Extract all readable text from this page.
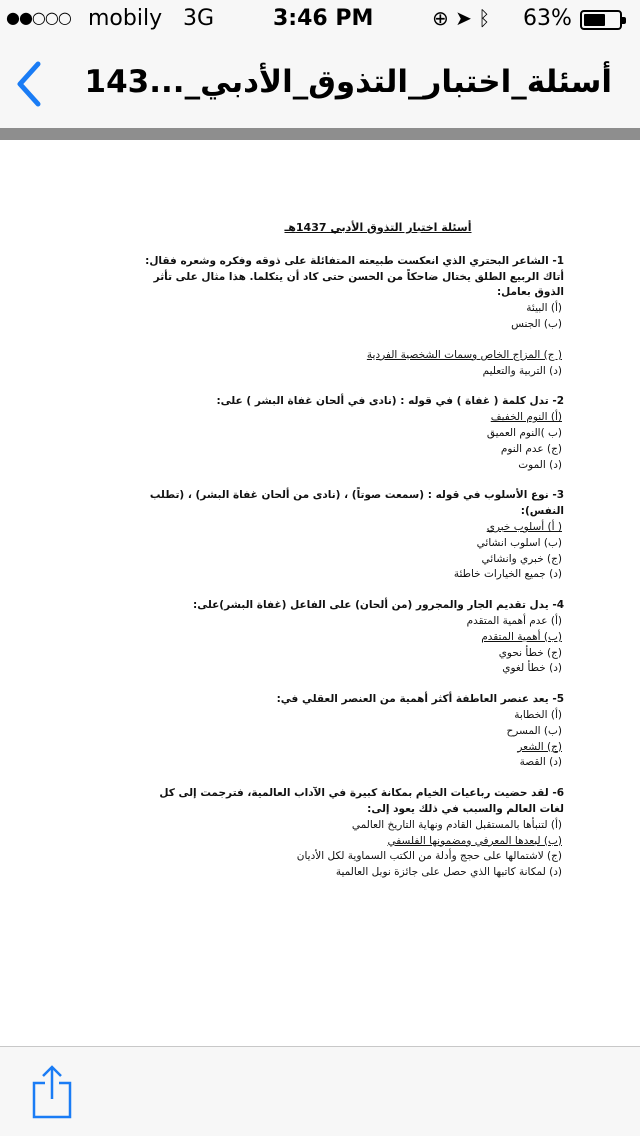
●●○○○ mobily 3G	3:46 PM	⊕ ➤ ᛒ 63%
أسئلة_اختبار_التذوق_الأدبي_...143
أسئلة اختبار التذوق الأدبي 1437هـ
1- الشاعر البحتري الذي انعكست طبيعته المتفائلة على ذوقه وفكره وشعره فقال: أتاك الربيع الطلق يختال ضاحكاً من الحسن حتى كاد أن يتكلما. هذا مثال على تأثر الذوق بعامل:
(أ) البيئة
(ب) الجنس
( ج) المزاج الخاص وسمات الشخصية الفردية
(د) التربية والتعليم
2- تدل كلمة ( غفاة ) في قوله : (نادى في ألحان غفاة البشر ) على:
(أ) النوم الخفيف
(ب )النوم العميق
(ج) عدم النوم
(د) الموت
3- نوع الأسلوب في قوله : (سمعت صوتاً) ، (نادى من ألحان غفاة البشر) ، (تطلب النفس):
( أ) أسلوب خبري
(ب) اسلوب انشائي
(ج) خبري وانشائي
(د) جميع الخيارات خاطئة
4- يدل تقديم الجار والمجرور (من ألحان) على الفاعل (غفاة البشر)على:
(أ) عدم أهمية المتقدم
(ب) أهمية المتقدم
(ج) خطأ نحوي
(د) خطأ لغوي
5- يعد عنصر العاطفة أكثر أهمية من العنصر العقلي في:
(أ) الخطابة
(ب) المسرح
(ج) الشعر
(د) القصة
6- لقد حضيت رباعيات الخيام بمكانة كبيرة في الآداب العالمية، فترجمت إلى كل لغات العالم والسبب في ذلك يعود إلى:
(أ) لتنبأها بالمستقبل القادم ونهاية التاريخ العالمي
(ب) لبعدها المعرفي ومضمونها الفلسفي
(ج) لاشتمالها على حجج وأدلة من الكتب السماوية لكل الأديان
(د) لمكانة كاتبها الذي حصل على جائزة نوبل العالمية
